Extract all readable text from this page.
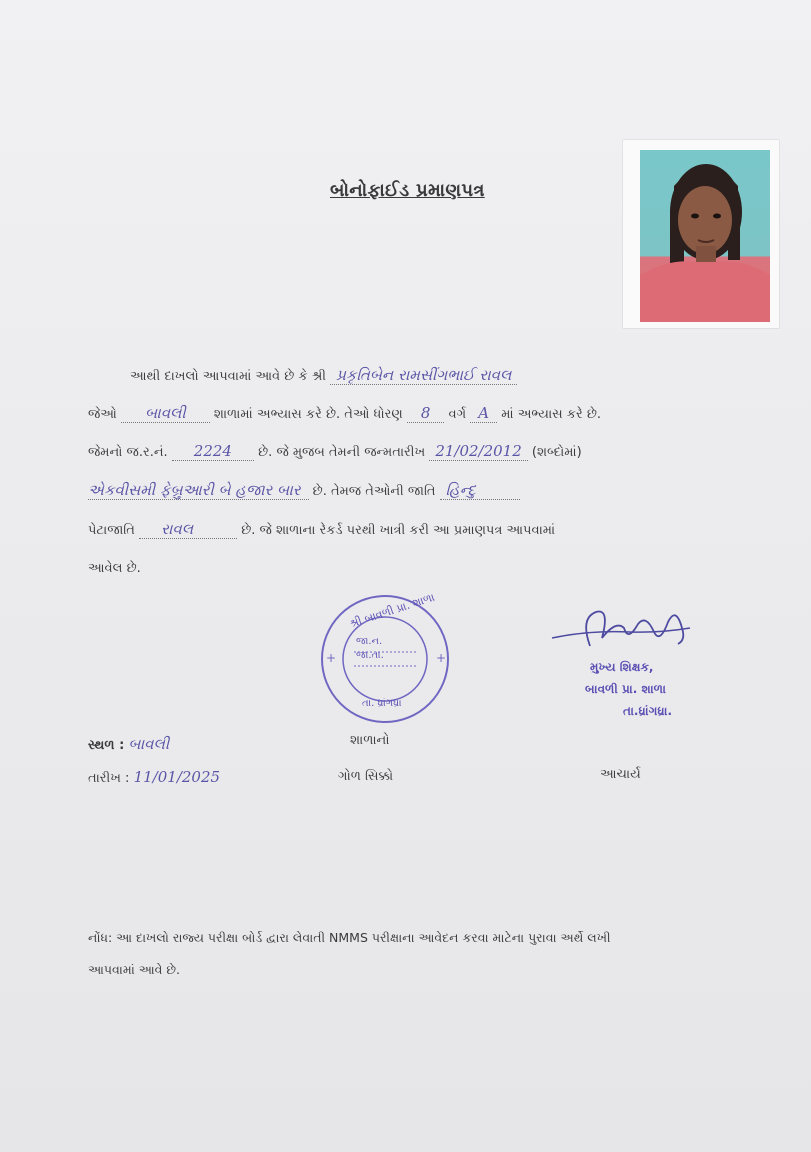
બોનોફાઈડ પ્રમાણપત્ર
આથી દાખલો આપવામાં આવે છે કે શ્રી પ્રકૃતિબેન રામસીંગભાઈ રાવલ
જેઓ બાવલી શાળામાં અભ્યાસ કરે છે. તેઓ ધોરણ 8 વર્ગ A માં અભ્યાસ કરે છે.
જેમનો જ.ર.નં. 2224 છે. જે મુજબ તેમની જન્મતારીખ 21/02/2012 (શબ્દોમાં)
એકવીસમી ફેબ્રુઆરી બે હજાર બાર છે. તેમજ તેઓની જાતિ હિન્દુ
પેટાજાતિ રાવલ	છે. જે શાળાના રેકર્ડ પરથી ખાત્રી કરી આ પ્રમાણપત્ર આપવામાં
આવેલ છે.
+	+
શ્રી બાવળી પ્રા. શાળા
જા.ન.
જા.તા.
તા. ધ્રાંગધ્રા
શાળાનો
ગોળ સિક્કો
મુખ્ય શિક્ષક,
બાવળી પ્રા. શાળા
તા.ધ્રાંગધ્રા.
આચાર્ય
સ્થળ : બાવલી
તારીખ : 11/01/2025
નોંધ: આ દાખલો રાજ્ય પરીક્ષા બોર્ડ દ્વારા લેવાતી NMMS પરીક્ષાના આવેદન કરવા માટેના પુરાવા અર્થે લખી
આપવામાં આવે છે.
